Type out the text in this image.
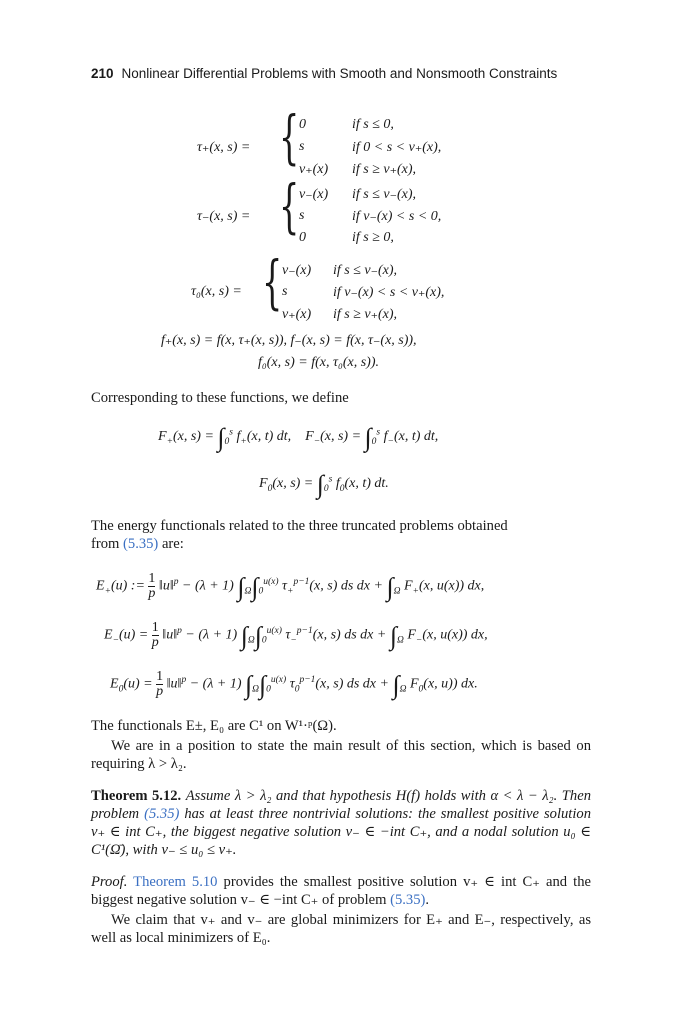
210 Nonlinear Differential Problems with Smooth and Nonsmooth Constraints
τ₊(x, s) = { 0	if s ≤ 0,
s	if 0 < s < v₊(x),
v₊(x) if s ≥ v₊(x),
τ₋(x, s) = { v₋(x) if s ≤ v₋(x),
s	if v₋(x) < s < 0,
0	if s ≥ 0,
τ₀(x, s) = { v₋(x) if s ≤ v₋(x),
s	if v₋(x) < s < v₊(x),
v₊(x) if s ≥ v₊(x),
f₊(x, s) = f(x, τ₊(x, s)), f₋(x, s) = f(x, τ₋(x, s)),
f₀(x, s) = f(x, τ₀(x, s)).
Corresponding to these functions, we define
$F_+(x$, $s) = \int_0^s$ $f_+(x$, t) dt,    $F_-(x$, $s) = \int_0^s$ $f_-(x$, t) dt,
$F_0(x$, $s) = \int_0^s$ $f_0(x$, t) dt.
The energy functionals related to the three truncated problems obtained
from (5.35) are:
$E_+(u)$ := $\frac{1}{p}$ ‖u‖$^p$ − (λ + 1) $\int_\Omega\int_0^{u(x)}$ $\tau_+^{p-1}(x$, s) ds dx + $\int_\Omega$ $F_+(x$, u(x)) dx,
$E_-(u) = \frac{1}{p}$ ‖u‖$^p$ − (λ + 1) $\int_\Omega\int_0^{u(x)}$ $\tau_-^{p-1}(x$, s) ds dx + $\int_\Omega$ $F_-(x$, u(x)) dx,
$E_0(u) = \frac{1}{p}$ ‖u‖$^p$ − (λ + 1) $\int_\Omega\int_0^{u(x)}$ $\tau_0^{p-1}(x$, s) ds dx + $\int_\Omega$ $F_0(x$, u)) dx.
The functionals E±, E₀ are C¹ on W¹·ᵖ(Ω).
We are in a position to state the main result of this section, which is based on requiring λ > λ₂.
Theorem 5.12. Assume λ > λ₂ and that hypothesis H(f) holds with α < λ − λ₂. Then problem (5.35) has at least three nontrivial solutions: the smallest positive solution v₊ ∈ int C₊, the biggest negative solution v₋ ∈ −int C₊, and a nodal solution u₀ ∈ C¹(Ω̄), with v₋ ≤ u₀ ≤ v₊.
Proof. Theorem 5.10 provides the smallest positive solution v₊ ∈ int C₊ and the biggest negative solution v₋ ∈ −int C₊ of problem (5.35).
We claim that v₊ and v₋ are global minimizers for E₊ and E₋, respectively, as well as local minimizers of E₀.
